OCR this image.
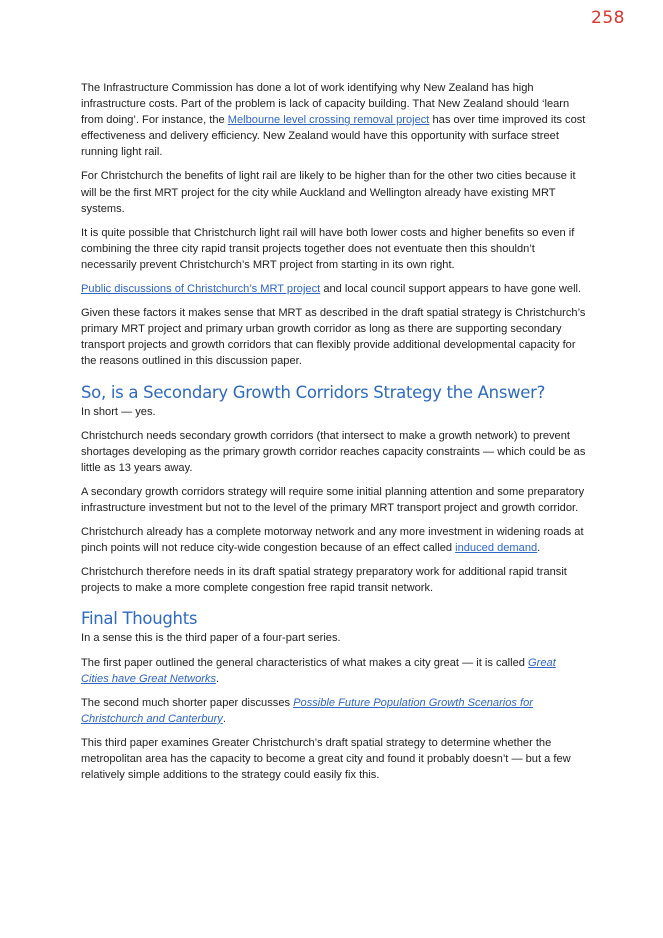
258

The Infrastructure Commission has done a lot of work identifying why New Zealand has high infrastructure costs. Part of the problem is lack of capacity building. That New Zealand should ‘learn from doing’. For instance, the Melbourne level crossing removal project has over time improved its cost effectiveness and delivery efficiency. New Zealand would have this opportunity with surface street running light rail.

For Christchurch the benefits of light rail are likely to be higher than for the other two cities because it will be the first MRT project for the city while Auckland and Wellington already have existing MRT systems.

It is quite possible that Christchurch light rail will have both lower costs and higher benefits so even if combining the three city rapid transit projects together does not eventuate then this shouldn’t necessarily prevent Christchurch’s MRT project from starting in its own right.

Public discussions of Christchurch’s MRT project and local council support appears to have gone well.

Given these factors it makes sense that MRT as described in the draft spatial strategy is Christchurch’s primary MRT project and primary urban growth corridor as long as there are supporting secondary transport projects and growth corridors that can flexibly provide additional developmental capacity for the reasons outlined in this discussion paper.

So, is a Secondary Growth Corridors Strategy the Answer?

In short — yes.

Christchurch needs secondary growth corridors (that intersect to make a growth network) to prevent shortages developing as the primary growth corridor reaches capacity constraints — which could be as little as 13 years away.

A secondary growth corridors strategy will require some initial planning attention and some preparatory infrastructure investment but not to the level of the primary MRT transport project and growth corridor.

Christchurch already has a complete motorway network and any more investment in widening roads at pinch points will not reduce city-wide congestion because of an effect called induced demand.

Christchurch therefore needs in its draft spatial strategy preparatory work for additional rapid transit projects to make a more complete congestion free rapid transit network.

Final Thoughts

In a sense this is the third paper of a four-part series.

The first paper outlined the general characteristics of what makes a city great — it is called Great Cities have Great Networks.

The second much shorter paper discusses Possible Future Population Growth Scenarios for Christchurch and Canterbury.

This third paper examines Greater Christchurch’s draft spatial strategy to determine whether the metropolitan area has the capacity to become a great city and found it probably doesn’t — but a few relatively simple additions to the strategy could easily fix this.
